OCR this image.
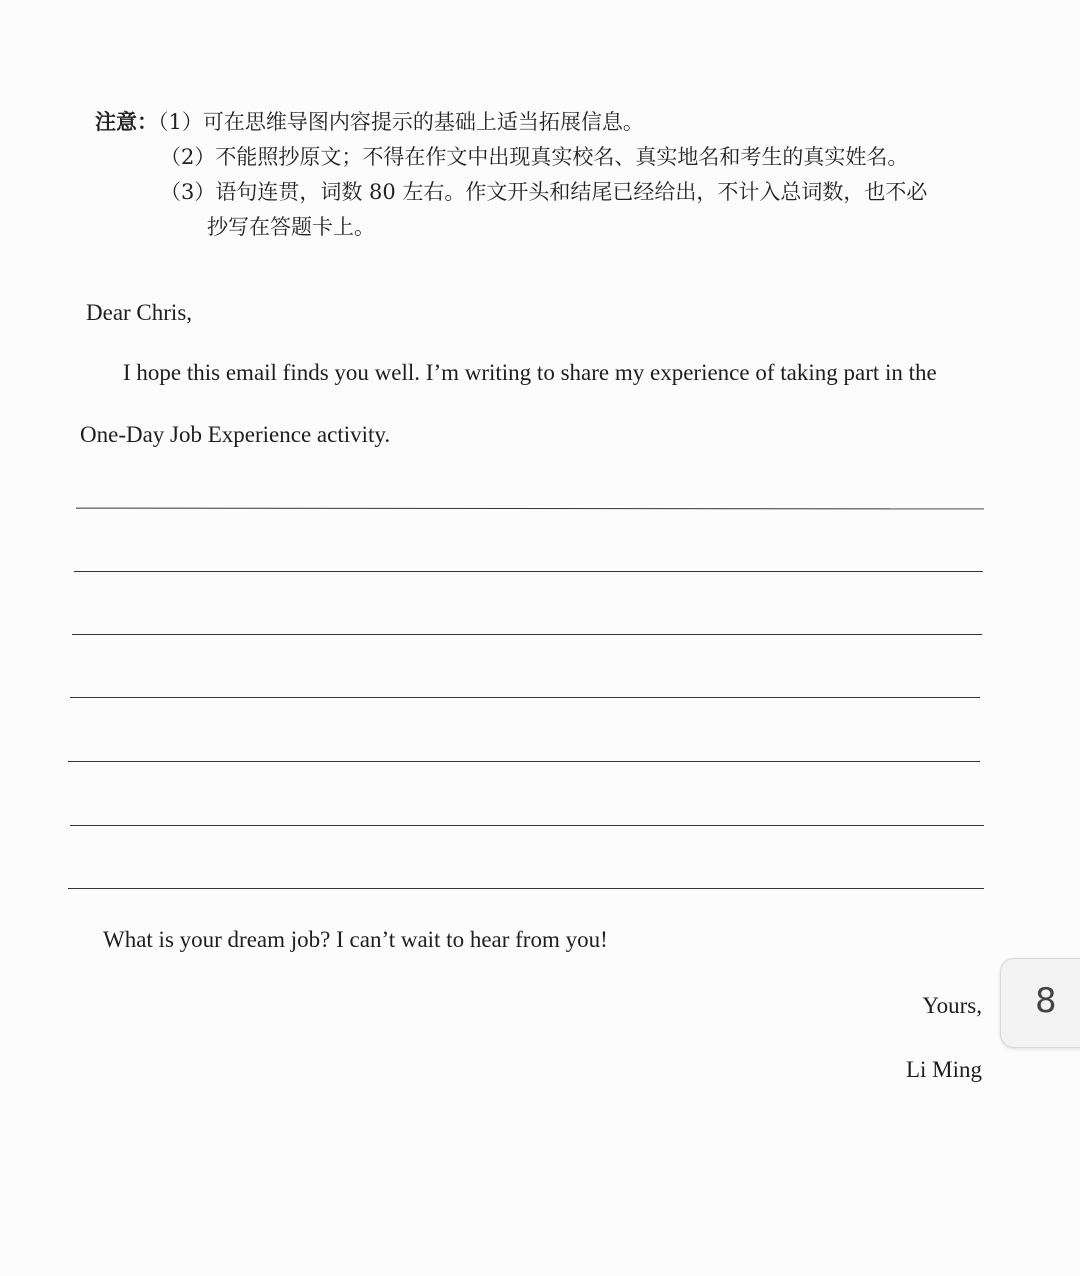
注意：（1）可在思维导图内容提示的基础上适当拓展信息。
（2）不能照抄原文；不得在作文中出现真实校名、真实地名和考生的真实姓名。
（3）语句连贯，词数 80 左右。作文开头和结尾已经给出，不计入总词数，也不必
抄写在答题卡上。
Dear Chris,
I hope this email finds you well. I’m writing to share my experience of taking part in the
One-Day Job Experience activity.
What is your dream job? I can’t wait to hear from you!
Yours,
Li Ming
8
